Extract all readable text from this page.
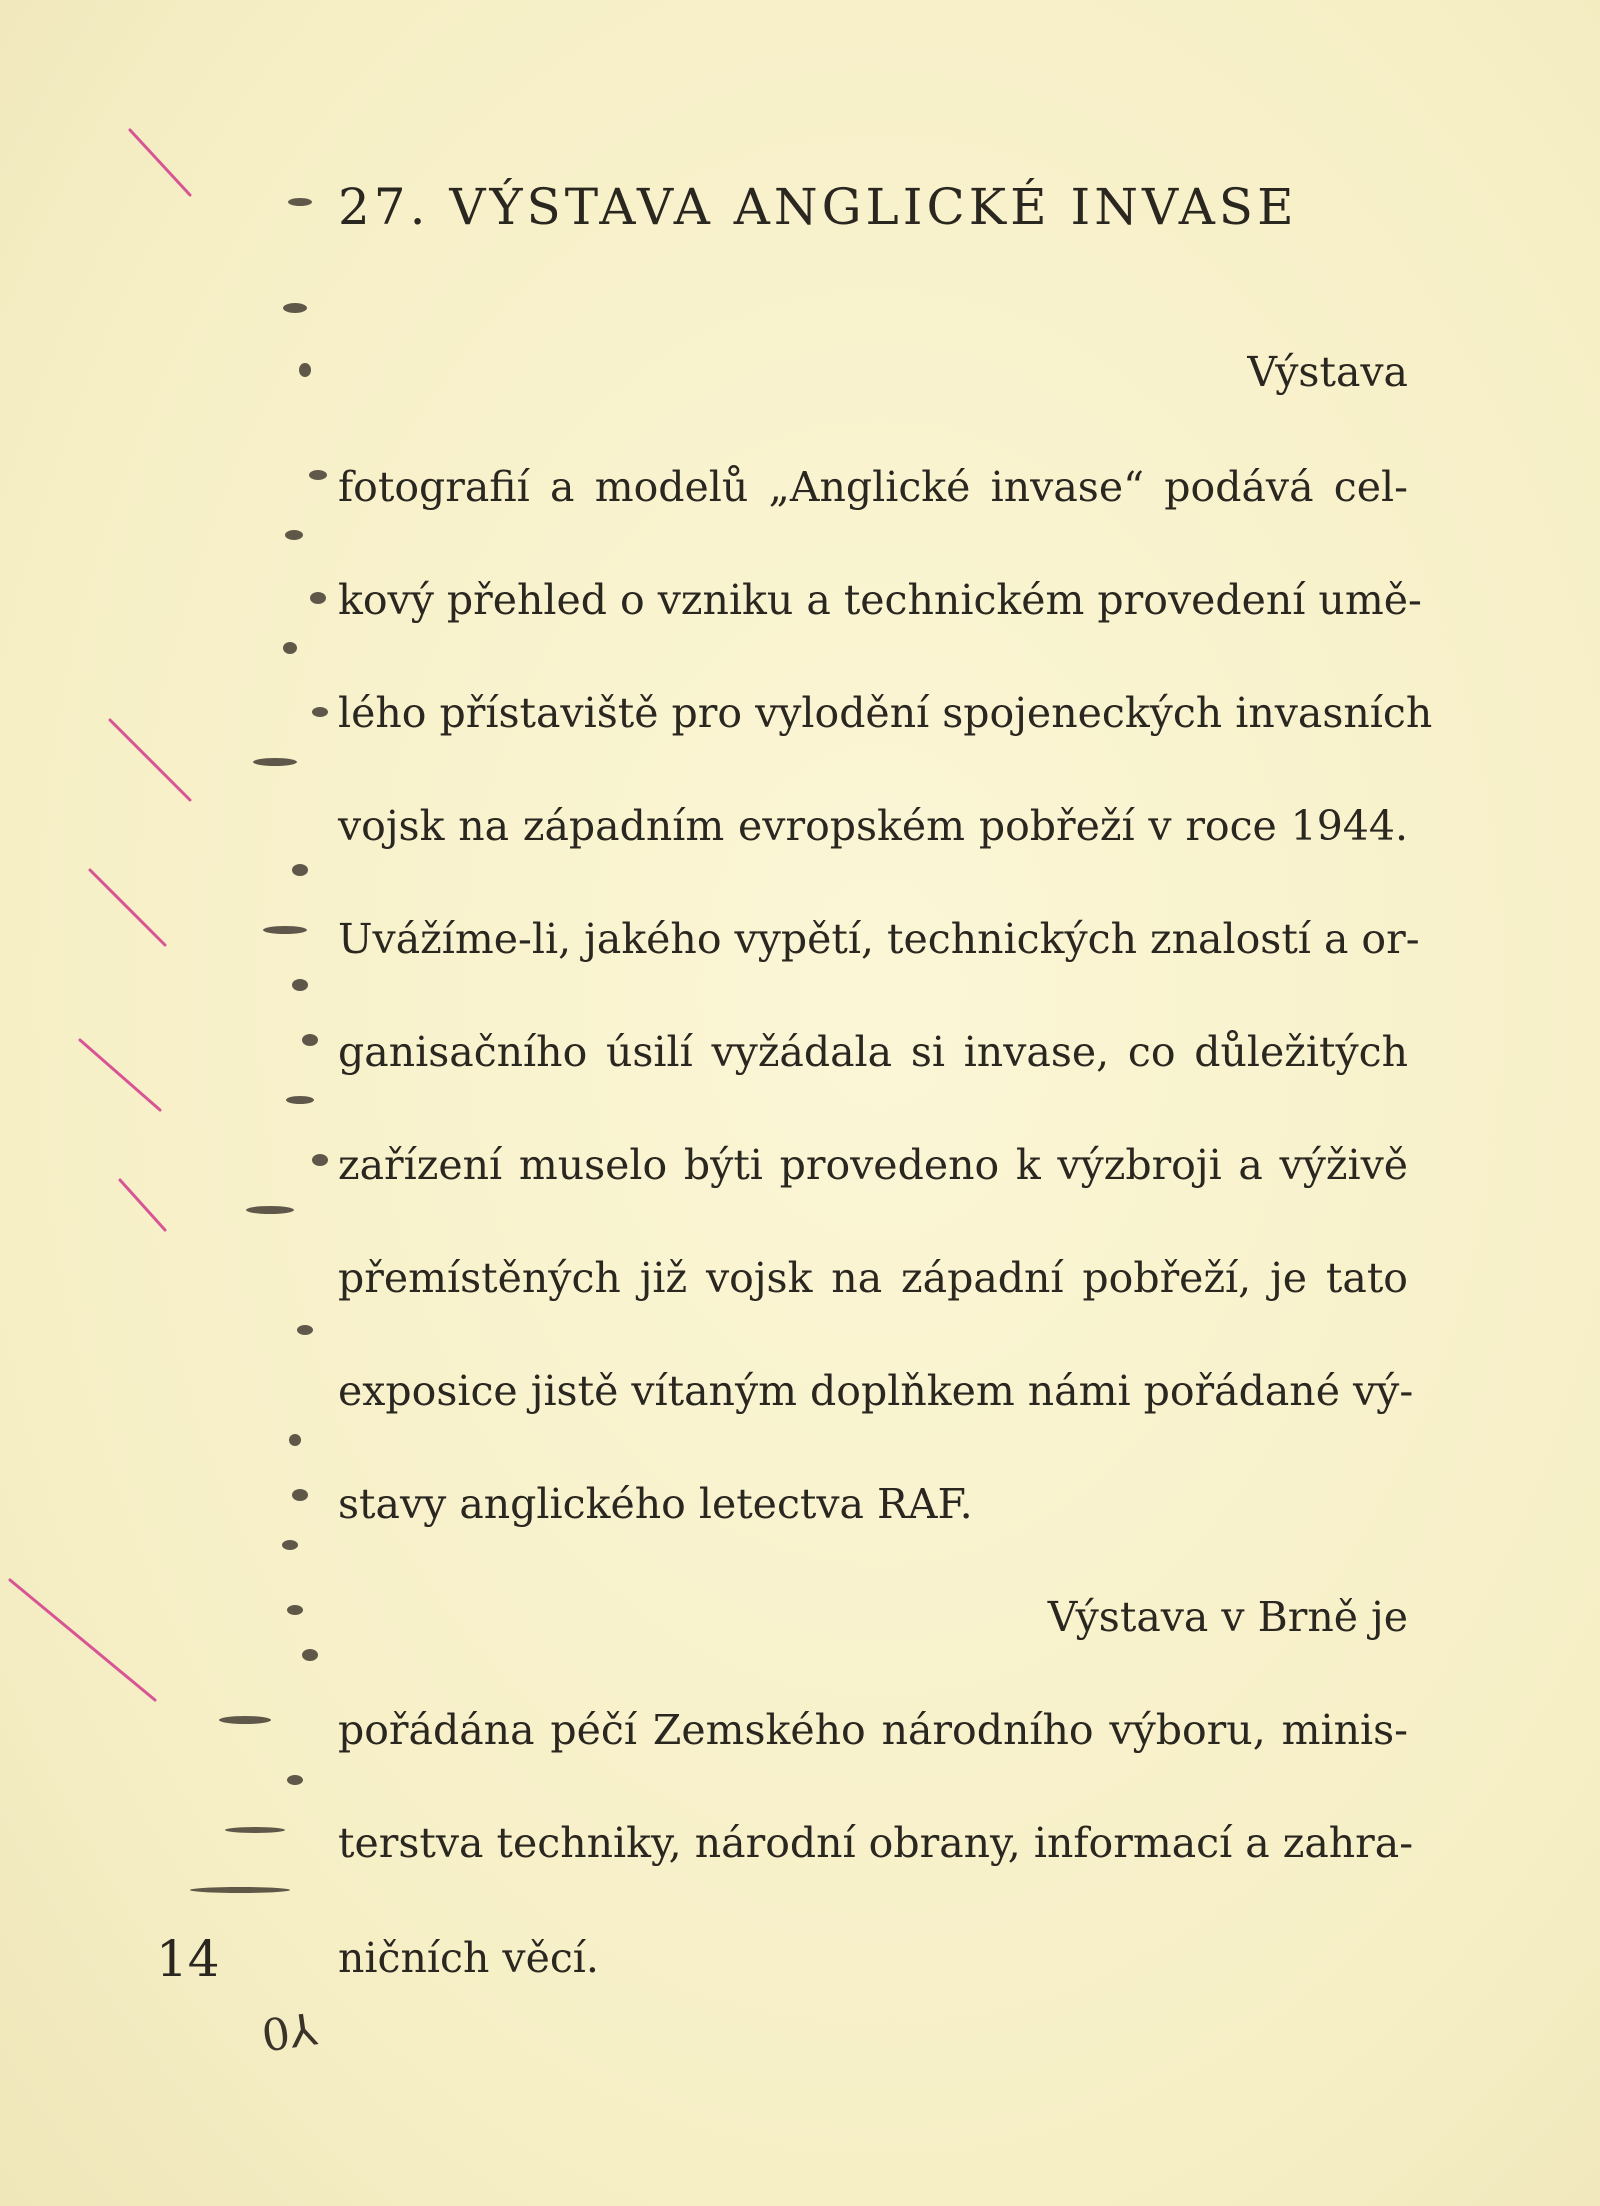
27. VÝSTAVA ANGLICKÉ INVASE
Výstava
fotografií a modelů „Anglické invase“ podává cel-
kový přehled o vzniku a technickém provedení umě-
lého přístaviště pro vylodění spojeneckých invasních
vojsk na západním evropském pobřeží v roce 1944.
Uvážíme-li, jakého vypětí, technických znalostí a or-
ganisačního úsilí vyžádala si invase, co důležitých
zařízení muselo býti provedeno k výzbroji a výživě
přemístěných již vojsk na západní pobřeží, je tato
exposice jistě vítaným doplňkem námi pořádané vý-
stavy anglického letectva RAF.
Výstava v Brně je
pořádána péčí Zemského národního výboru, minis-
terstva techniky, národní obrany, informací a zahra-
ničních věcí.
14
0⅄
